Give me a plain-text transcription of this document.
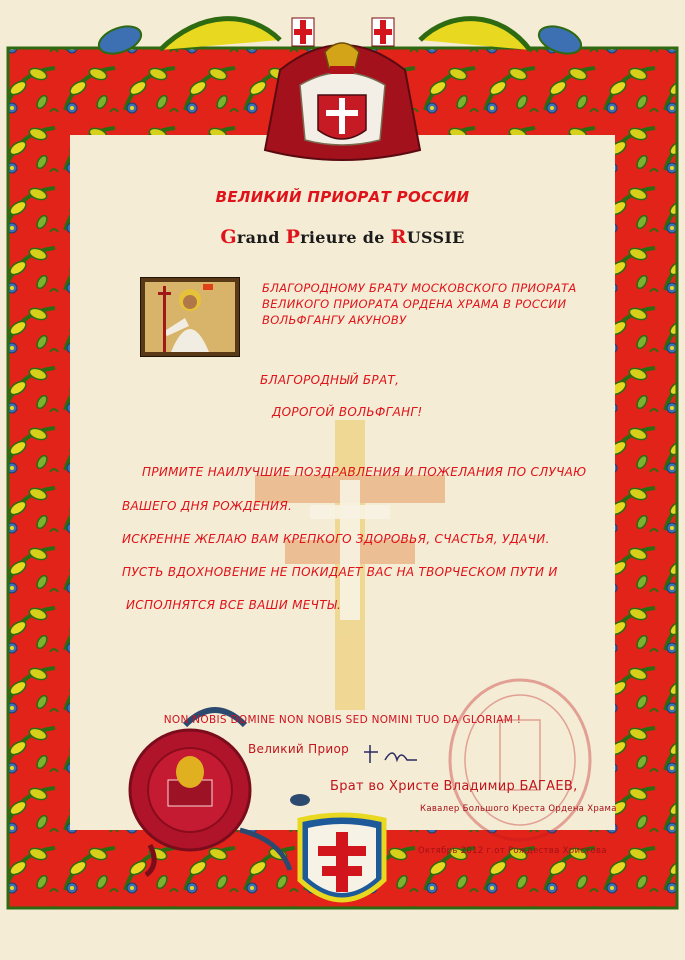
ВЕЛИКИЙ ПРИОРАТ РОССИИ
Grand Prieure de RUSSIE
БЛАГОРОДНОМУ БРАТУ МОСКОВСКОГО ПРИОРАТА
ВЕЛИКОГО ПРИОРАТА ОРДЕНА ХРАМА В РОССИИ
ВОЛЬФГАНГУ АКУНОВУ
БЛАГОРОДНЫЙ БРАТ,
ДОРОГОЙ ВОЛЬФГАНГ!
ПРИМИТЕ НАИЛУЧШИЕ ПОЗДРАВЛЕНИЯ И ПОЖЕЛАНИЯ ПО СЛУЧАЮ
ВАШЕГО ДНЯ РОЖДЕНИЯ.
ИСКРЕННЕ ЖЕЛАЮ ВАМ КРЕПКОГО ЗДОРОВЬЯ, СЧАСТЬЯ, УДАЧИ.
ПУСТЬ ВДОХНОВЕНИЕ НЕ ПОКИДАЕТ ВАС НА ТВОРЧЕСКОМ ПУТИ И
ИСПОЛНЯТСЯ ВСЕ ВАШИ МЕЧТЫ.
NON NOBIS DOMINE NON NOBIS SED NOMINI TUO DA GLORIAM !
Великий Приор
Брат во Христе Владимир БАГАЕВ,
Кавалер Большого Креста Ордена Храма
Октябрь 2012 г.от Рождества Христова
